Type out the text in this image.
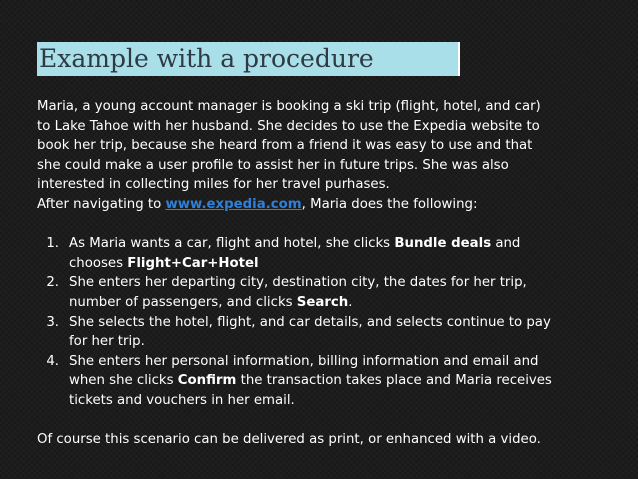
Example with a procedure

Maria, a young account manager is booking a ski trip (flight, hotel, and car)
to Lake Tahoe with her husband. She decides to use the Expedia website to
book her trip, because she heard from a friend it was easy to use and that
she could make a user profile to assist her in future trips. She was also
interested in collecting miles for her travel purhases.
After navigating to www.expedia.com, Maria does the following:

1. As Maria wants a car, flight and hotel, she clicks Bundle deals and
chooses Flight+Car+Hotel
2. She enters her departing city, destination city, the dates for her trip,
number of passengers, and clicks Search.
3. She selects the hotel, flight, and car details, and selects continue to pay
for her trip.
4. She enters her personal information, billing information and email and
when she clicks Confirm the transaction takes place and Maria receives
tickets and vouchers in her email.

Of course this scenario can be delivered as print, or enhanced with a video.
